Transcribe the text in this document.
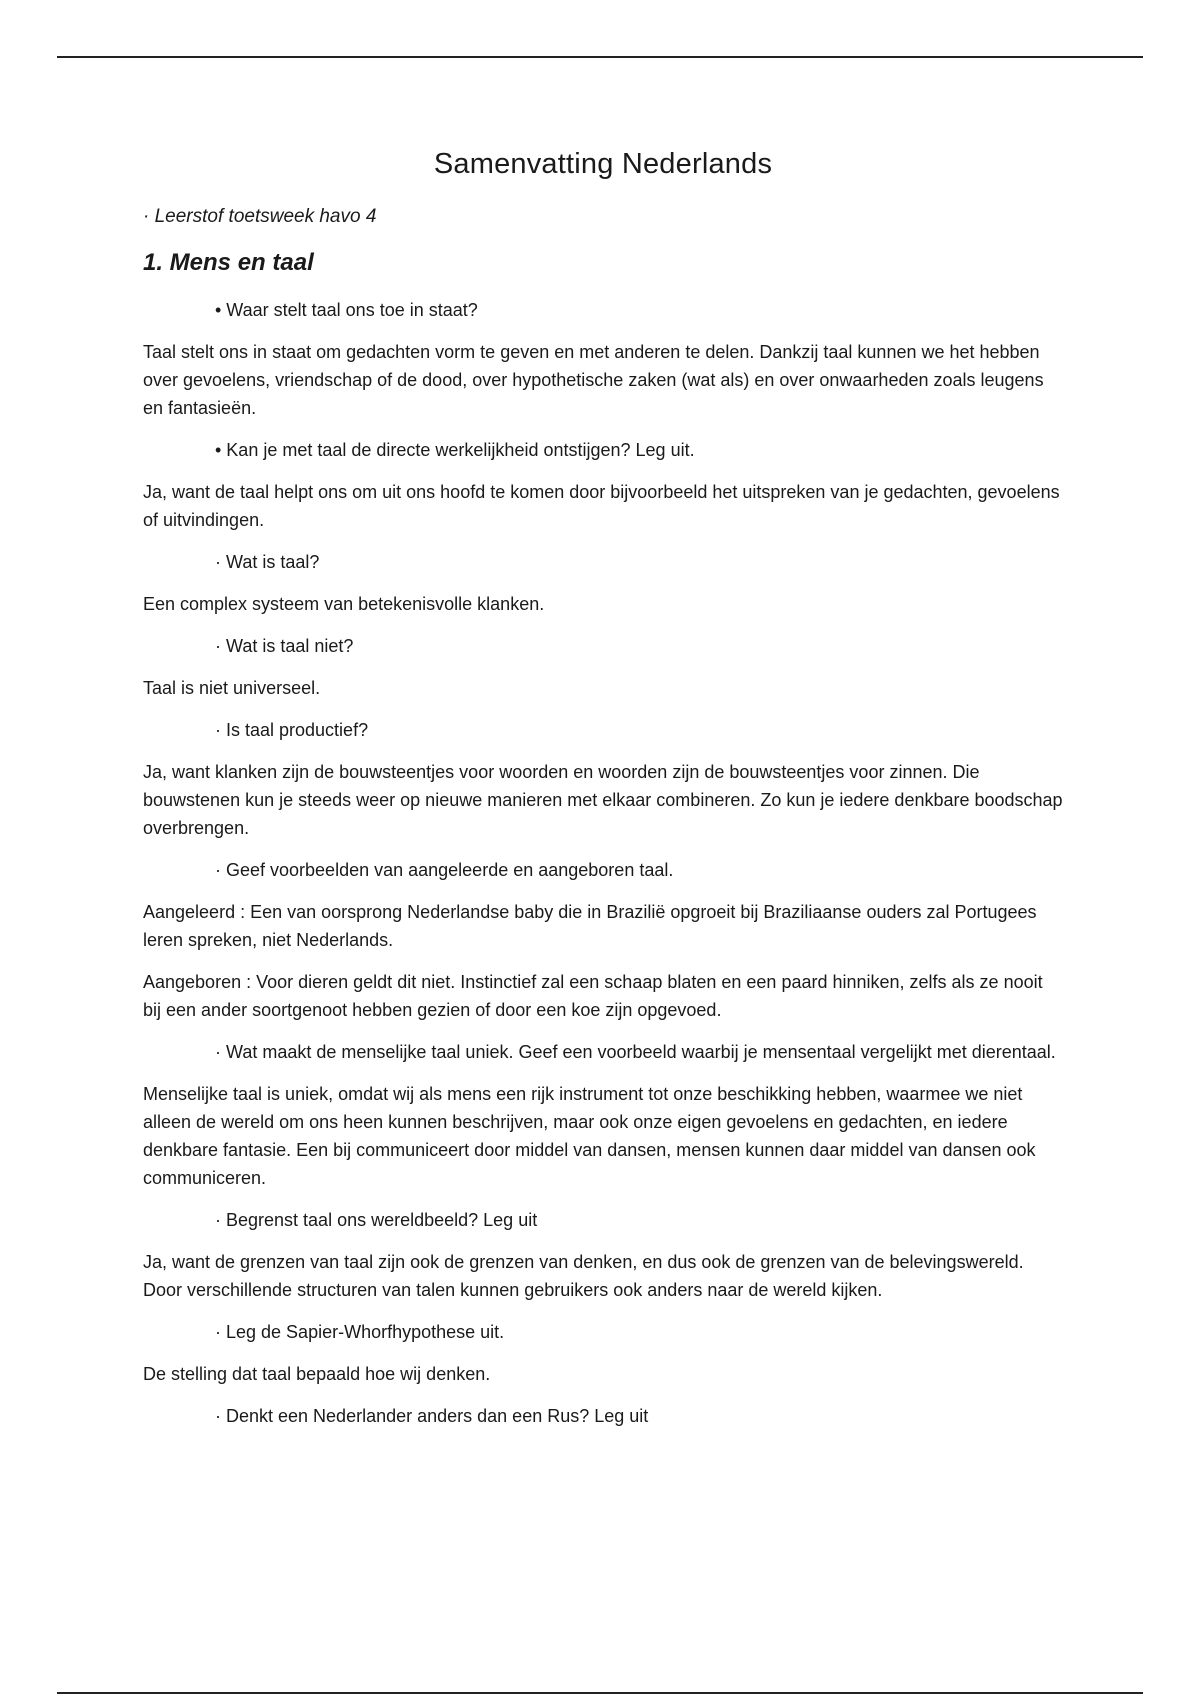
Samenvatting Nederlands
· Leerstof toetsweek havo 4
1. Mens en taal
• Waar stelt taal ons toe in staat?
Taal stelt ons in staat om gedachten vorm te geven en met anderen te delen. Dankzij taal kunnen we het hebben over gevoelens, vriendschap of de dood, over hypothetische zaken (wat als) en over onwaarheden zoals leugens en fantasieën.
• Kan je met taal de directe werkelijkheid ontstijgen? Leg uit.
Ja, want de taal helpt ons om uit ons hoofd te komen door bijvoorbeeld het uitspreken van je gedachten, gevoelens of uitvindingen.
· Wat is taal?
Een complex systeem van betekenisvolle klanken.
· Wat is taal niet?
Taal is niet universeel.
· Is taal productief?
Ja, want klanken zijn de bouwsteentjes voor woorden en woorden zijn de bouwsteentjes voor zinnen. Die bouwstenen kun je steeds weer op nieuwe manieren met elkaar combineren. Zo kun je iedere denkbare boodschap overbrengen.
· Geef voorbeelden van aangeleerde en aangeboren taal.
Aangeleerd : Een van oorsprong Nederlandse baby die in Brazilië opgroeit bij Braziliaanse ouders zal Portugees leren spreken, niet Nederlands.
Aangeboren : Voor dieren geldt dit niet. Instinctief zal een schaap blaten en een paard hinniken, zelfs als ze nooit bij een ander soortgenoot hebben gezien of door een koe zijn opgevoed.
· Wat maakt de menselijke taal uniek. Geef een voorbeeld waarbij je mensentaal vergelijkt met dierentaal.
Menselijke taal is uniek, omdat wij als mens een rijk instrument tot onze beschikking hebben, waarmee we niet alleen de wereld om ons heen kunnen beschrijven, maar ook onze eigen gevoelens en gedachten, en iedere denkbare fantasie. Een bij communiceert door middel van dansen, mensen kunnen daar middel van dansen ook communiceren.
· Begrenst taal ons wereldbeeld? Leg uit
Ja, want de grenzen van taal zijn ook de grenzen van denken, en dus ook de grenzen van de belevingswereld. Door verschillende structuren van talen kunnen gebruikers ook anders naar de wereld kijken.
· Leg de Sapier-Whorfhypothese uit.
De stelling dat taal bepaald hoe wij denken.
· Denkt een Nederlander anders dan een Rus? Leg uit
